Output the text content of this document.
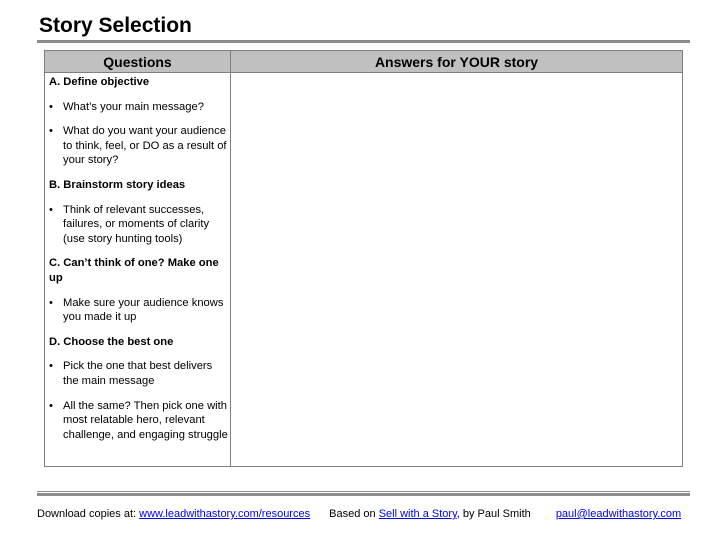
Story Selection
Questions	Answers for YOUR story
A. Define objective
• What’s your main message?
• What do you want your audience to think, feel, or DO as a result of your story?
B. Brainstorm story ideas
• Think of relevant successes, failures, or moments of clarity (use story hunting tools)
C. Can’t think of one? Make one up
• Make sure your audience knows you made it up
D. Choose the best one
• Pick the one that best delivers the main message
• All the same? Then pick one with most relatable hero, relevant challenge, and engaging struggle
Download copies at: www.leadwithastory.com/resources Based on Sell with a Story, by Paul Smith paul@leadwithastory.com
